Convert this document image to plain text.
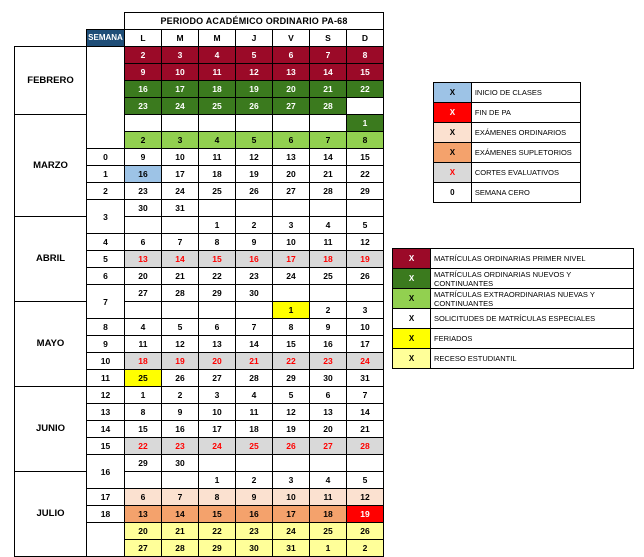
		PERIODO ACADÉMICO ORDINARIO PA-68						
	SEMANA	L	M	M	J	V	S	D
FEBRERO		2	3	4	5	6	7	8
		9	10	11	12	13	14	15
		16	17	18	19	20	21	22
		23	24	25	26	27	28	
MARZO								1
		2	3	4	5	6	7	8
	0	9	10	11	12	13	14	15
	1	16	17	18	19	20	21	22
	2	23	24	25	26	27	28	29
	3	30	31					
ABRIL				1	2	3	4	5
	4	6	7	8	9	10	11	12
	5	13	14	15	16	17	18	19
	6	20	21	22	23	24	25	26
	7	27	28	29	30			
MAYO						1	2	3
	8	4	5	6	7	8	9	10
	9	11	12	13	14	15	16	17
	10	18	19	20	21	22	23	24
	11	25	26	27	28	29	30	31
JUNIO	12	1	2	3	4	5	6	7
	13	8	9	10	11	12	13	14
	14	15	16	17	18	19	20	21
	15	22	23	24	25	26	27	28
	16	29	30					
JULIO				1	2	3	4	5
	17	6	7	8	9	10	11	12
	18	13	14	15	16	17	18	19
		20	21	22	23	24	25	26
		27	28	29	30	31	1	2
X	INICIO DE CLASES
X	FIN DE PA
X	EXÁMENES ORDINARIOS
X	EXÁMENES SUPLETORIOS
X	CORTES EVALUATIVOS
0	SEMANA CERO
X	MATRÍCULAS ORDINARIAS PRIMER NIVEL
X	MATRÍCULAS ORDINARIAS NUEVOS Y CONTINUANTES
X	MATRÍCULAS EXTRAORDINARIAS NUEVAS Y CONTINUANTES
X	SOLICITUDES DE MATRÍCULAS ESPECIALES
X	FERIADOS
X	RECESO ESTUDIANTIL
